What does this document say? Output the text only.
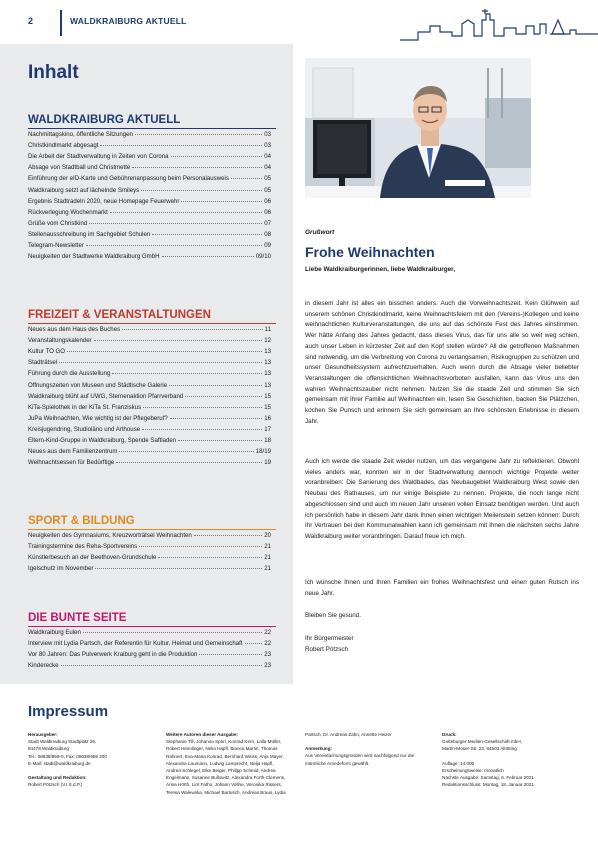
2	WALDKRAIBURG AKTUELL
Inhalt
WALDKRAIBURG AKTUELL
Nachmittagskino, öffentliche Sitzungen	03
Christkindlmarkt abgesagt	03
Die Arbeit der Stadtverwaltung in Zeiten von Corona	04
Absage von Stadtball und Christmette	04
Einführung der eID-Karte und Gebührenanpassung beim Personalausweis	05
Waldkraiburg setzt auf lächelnde Smileys	05
Ergebnis Stadtradeln 2020, neue Homepage Feuerwehr	06
Rückverlegung Wochenmarkt	06
Grüße vom Christkind	07
Stellenausschreibung im Sachgebiet Schulen	08
Telegram-Newsletter	09
Neuigkeiten der Stadtwerke Waldkraiburg GmbH	09/10
FREIZEIT & VERANSTALTUNGEN
Neues aus dem Haus des Buches	11
Veranstaltungskalender	12
Kultur TO GO	13
Stadträtsel	13
Führung durch die Ausstellung	13
Öffnungszeiten von Museen und Städtische Galerie	13
Waldkraiburg blüht auf UWG, Sternenaktion Pfarrverband	15
KiTa-Spielothek in der KiTa St. Franziskus	15
JuPa Weihnachten, Wie wichtig ist der Pflegeberuf?	16
Kreisjugendring, Studioläno und Arthouse	17
Eltern-Kind-Gruppe in Waldkraiburg, Spende Saftladen	18
Neues aus dem Familienzentrum	18/19
Weihnachtsessen für Bedürftige	19
SPORT & BILDUNG
Neuigkeiten des Gymnasiums, Kreuzworträtsel Weihnachten	20
Trainingstermine des Reha-Sportvereins	21
Künstlerbesuch an der Beethoven-Grundschule	21
Igelschutz im November	21
DIE BUNTE SEITE
Waldkraiburg Eulen	22
Interview mit Lydia Partsch, der Referentin für Kultur, Heimat und Gemeinschaft	22
Vor 80 Jahren: Das Pulverwerk Kraiburg geht in die Produktion	23
Kinderecke	23
Grußwort
Frohe Weihnachten
Liebe Waldkraiburgerinnen, liebe Waldkraiburger,

in diesem Jahr ist alles ein bisschen anders. Auch die Vorweihnachtszeit. Kein Glühwein auf unserem schönen Christkindlmarkt, keine Weihnachtsfeiern mit den (Vereins-)Kollegen und keine weihnachtlichen Kulturveranstaltungen, die uns auf das schönste Fest des Jahres einstimmen. Wer hätte Anfang des Jahres gedacht, dass dieses Virus, das für uns alle so weit weg schien, auch unser Leben in kürzester Zeit auf den Kopf stellen würde? All die getroffenen Maßnahmen sind notwendig, um die Verbreitung von Corona zu verlangsamen, Risikogruppen zu schützen und unser Gesundheitssystem aufrechtzuerhalten. Auch wenn durch die Absage vieler beliebter Veranstaltungen die offensichtlichen Weihnachtsvorboten ausfallen, kann das Virus uns den wahren Weihnachtszauber nicht nehmen. Nutzen Sie die staade Zeit und stimmen Sie sich gemeinsam mit Ihrer Familie auf Weihnachten ein, lesen Sie Geschichten, backen Sie Plätzchen, kochen Sie Punsch und erinnern Sie sich gemeinsam an Ihre schönsten Erlebnisse in diesem Jahr.

Auch ich werde die staade Zeit wieder nutzen, um das vergangene Jahr zu reflektieren. Obwohl vieles anders war, konnten wir in der Stadtverwaltung dennoch wichtige Projekte weiter voranbreiben: Die Sanierung des Waldbades, das Neubaugebiet Waldkraiburg West sowie den Neubau des Rathauses, um nur einige Beispiele zu nennen. Projekte, die noch lange nicht abgeschlossen sind und auch im neuen Jahr unseren vollen Einsatz benötigen werden. Und auch ich persönlich habe in diesem Jahr dank Ihnen einen wichtigen Meilenstein setzen können: Durch Ihr Vertrauen bei den Kommunalwahlen kann ich gemeinsam mit Ihnen die nächsten sechs Jahre Waldkraiburg weiter vorantbringen. Darauf freue ich mich.

Ich wünsche Ihnen und Ihren Familien ein frohes Weihnachtsfest und einen guten Rutsch ins neue Jahr.

Bleiben Sie gesund.

Ihr Bürgermeister
Robert Pötzsch
Impressum
Herausgeber:
Stadt Waldkraiburg Stadtplatz 26,
84478 Waldkraiburg
Tel.: 08638/959-0, Fax: 08638/959 200
E-Mail: stadt@waldkraiburg.de
Gestaltung und Redaktion:
Robert Pötzsch (V.I.S.d.P.)
Weitere Autoren dieser Ausgabe:
Stephanie Till, Johanna Spörl, Konrad Kern, Lalla Müller,
Robert Heimlinger, Nelia Hapfl, Bianca Martin, Thomas
Rahnert, Eva-Maria Konrad, Bernhard Weiss, Anja Mayer,
Alexandra Laumann, Ludwig Lamprecht, Nelja Hapfl,
Andrea Schlegel, Elke Beiger, Philipp Schmid, Andrea
Engelmann, Susanne Bullowitz, Alexandra Forth-Clemens,
Anna Hörth, Lint Fatho, Johann Vollne, Veronika Rissers,
Teresa Walewska, Michael Bartusch, Andreas Braus, Lydia
Partsch, Dr. Andreas Zahn, Annette Heizer
Anmerkung:
Aus Vereinfachungsgründen wird nachfolgend nur die
männliche Anredeform gewählt.
Druck:
Gotteburger Medien-Gesellschaft mbH,
Martin-Moser-Str. 23, 84503 Altötting
Auflage: 14.000
Erscheinungsweise: monatlich
Nächste Ausgabe: Samstag, 6. Februar 2021
Redaktionsschluss: Montag, 18. Januar 2021
